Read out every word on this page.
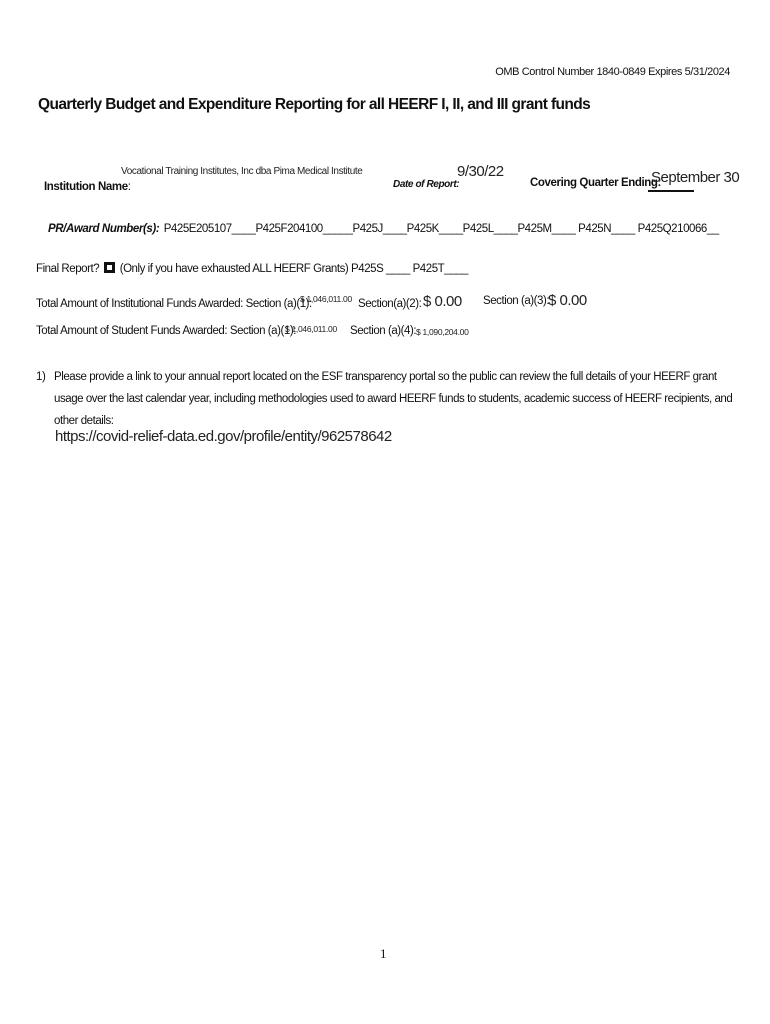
OMB Control Number 1840-0849 Expires 5/31/2024
Quarterly Budget and Expenditure Reporting for all HEERF I, II, and III grant funds
Institution Name:
Vocational Training Institutes, Inc dba Pima Medical Institute
Date of Report:
9/30/22
Covering Quarter Ending:
September 30
PR/Award Number(s): P425E205107____P425F204100_____P425J____P425K____P425L____P425M____ P425N____ P425Q210066__
Final Report? (Only if you have exhausted ALL HEERF Grants) P425S ____ P425T____
Total Amount of Institutional Funds Awarded: Section (a)(1):
$ 1,046,011.00 Section(a)(2): $ 0.00 Section (a)(3):
$ 0.00
Total Amount of Student Funds Awarded: Section (a)(1):
$ 1,046,011.00 Section (a)(4): $ 1,090,204.00
1) Please provide a link to your annual report located on the ESF transparency portal so the public can review the full details of your HEERF grant usage over the last calendar year, including methodologies used to award HEERF funds to students, academic success of HEERF recipients, and other details:
https://covid-relief-data.ed.gov/profile/entity/962578642
1
